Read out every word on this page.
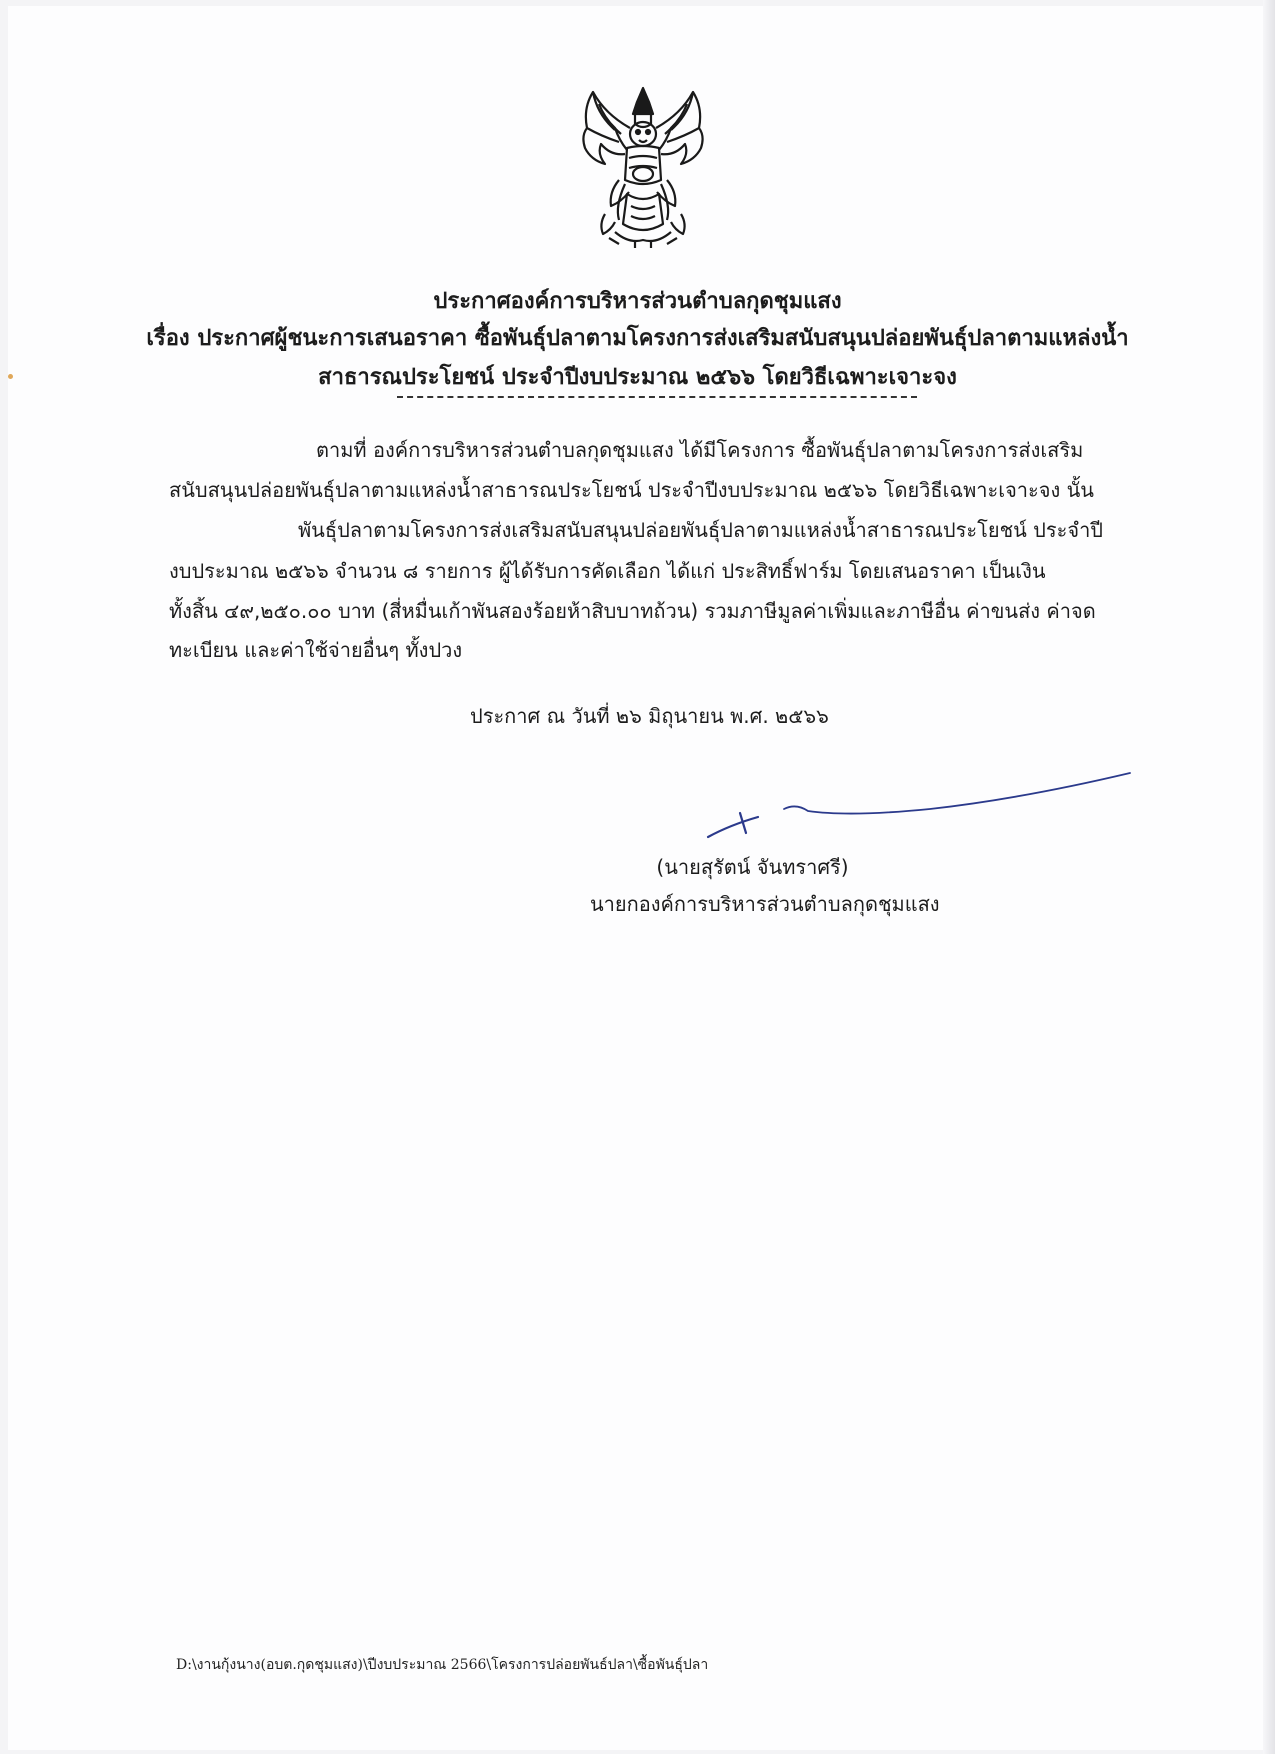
ประกาศองค์การบริหารส่วนตำบลกุดชุมแสง
เรื่อง ประกาศผู้ชนะการเสนอราคา ซื้อพันธุ์ปลาตามโครงการส่งเสริมสนับสนุนปล่อยพันธุ์ปลาตามแหล่งน้ำ
สาธารณประโยชน์ ประจำปีงบประมาณ ๒๕๖๖ โดยวิธีเฉพาะเจาะจง
ตามที่ องค์การบริหารส่วนตำบลกุดชุมแสง ได้มีโครงการ ซื้อพันธุ์ปลาตามโครงการส่งเสริม
สนับสนุนปล่อยพันธุ์ปลาตามแหล่งน้ำสาธารณประโยชน์ ประจำปีงบประมาณ ๒๕๖๖ โดยวิธีเฉพาะเจาะจง นั้น
พันธุ์ปลาตามโครงการส่งเสริมสนับสนุนปล่อยพันธุ์ปลาตามแหล่งน้ำสาธารณประโยชน์ ประจำปี
งบประมาณ ๒๕๖๖ จำนวน ๘ รายการ ผู้ได้รับการคัดเลือก ได้แก่ ประสิทธิ์ฟาร์ม โดยเสนอราคา เป็นเงิน
ทั้งสิ้น ๔๙,๒๕๐.๐๐ บาท (สี่หมื่นเก้าพันสองร้อยห้าสิบบาทถ้วน) รวมภาษีมูลค่าเพิ่มและภาษีอื่น ค่าขนส่ง ค่าจด
ทะเบียน และค่าใช้จ่ายอื่นๆ ทั้งปวง
ประกาศ ณ วันที่ ๒๖ มิถุนายน พ.ศ. ๒๕๖๖
(นายสุรัตน์ จันทราศรี)
นายกองค์การบริหารส่วนตำบลกุดชุมแสง
D:\งานกุ้งนาง(อบต.กุดชุมแสง)\ปีงบประมาณ 2566\โครงการปล่อยพันธ์ปลา\ซื้อพันธุ์ปลา
